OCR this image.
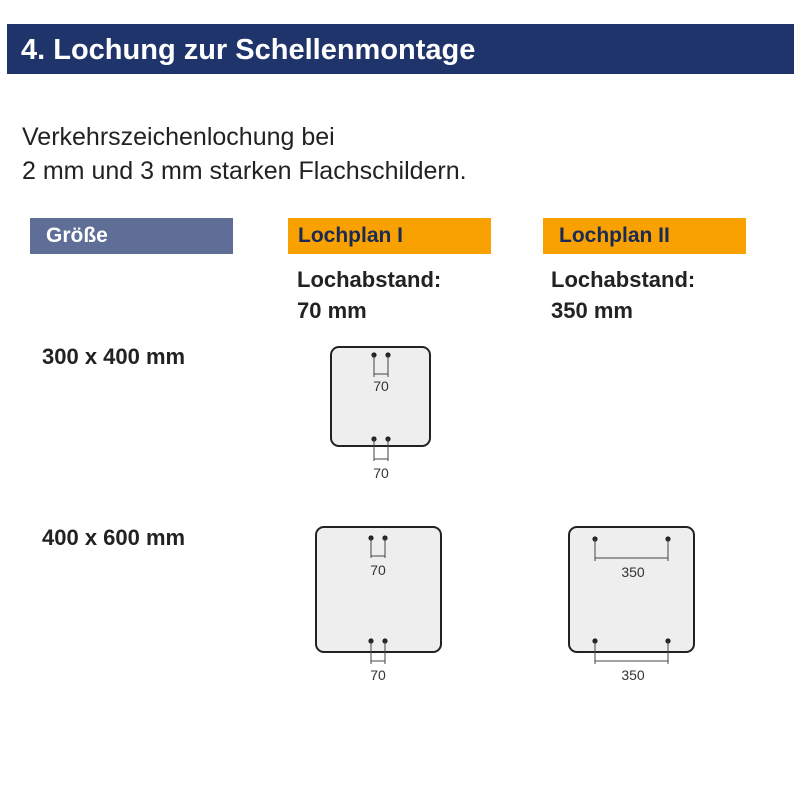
4. Lochung zur Schellenmontage
Verkehrszeichenlochung bei
2 mm und 3 mm starken Flachschildern.
Größe	Lochplan I	Lochplan II
Lochabstand:
70 mm
Lochabstand:
350 mm
300 x 400 mm
400 x 600 mm
70
70
70
70
350
350
